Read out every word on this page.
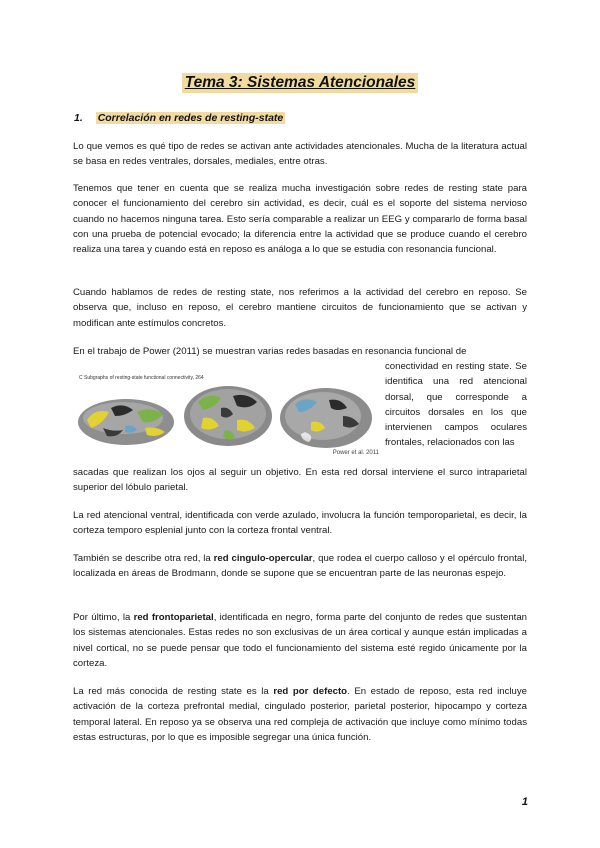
Tema 3: Sistemas Atencionales
1. Correlación en redes de resting-state

Lo que vemos es qué tipo de redes se activan ante actividades atencionales. Mucha de la literatura actual se basa en redes ventrales, dorsales, mediales, entre otras.

Tenemos que tener en cuenta que se realiza mucha investigación sobre redes de resting state para conocer el funcionamiento del cerebro sin actividad, es decir, cuál es el soporte del sistema nervioso cuando no hacemos ninguna tarea. Esto sería comparable a realizar un EEG y compararlo de forma basal con una prueba de potencial evocado; la diferencia entre la actividad que se produce cuando el cerebro realiza una tarea y cuando está en reposo es análoga a lo que se estudia con resonancia funcional.

Cuando hablamos de redes de resting state, nos referimos a la actividad del cerebro en reposo. Se observa que, incluso en reposo, el cerebro mantiene circuitos de funcionamiento que se activan y modifican ante estímulos concretos.

En el trabajo de Power (2011) se muestran varias redes basadas en resonancia funcional de

C Subgraphs of resting-state functional connectivity, 264
Power et al. 2011

conectividad en resting state. Se identifica una red atencional dorsal, que corresponde a circuitos dorsales en los que intervienen campos oculares frontales, relacionados con las

sacadas que realizan los ojos al seguir un objetivo. En esta red dorsal interviene el surco intraparietal superior del lóbulo parietal.

La red atencional ventral, identificada con verde azulado, involucra la función temporoparietal, es decir, la corteza temporo esplenial junto con la corteza frontal ventral.

También se describe otra red, la red cingulo-opercular, que rodea el cuerpo calloso y el opérculo frontal, localizada en áreas de Brodmann, donde se supone que se encuentran parte de las neuronas espejo.

Por último, la red frontoparietal, identificada en negro, forma parte del conjunto de redes que sustentan los sistemas atencionales. Estas redes no son exclusivas de un área cortical y aunque están implicadas a nivel cortical, no se puede pensar que todo el funcionamiento del sistema esté regido únicamente por la corteza.

La red más conocida de resting state es la red por defecto. En estado de reposo, esta red incluye activación de la corteza prefrontal medial, cingulado posterior, parietal posterior, hipocampo y corteza temporal lateral. En reposo ya se observa una red compleja de activación que incluye como mínimo todas estas estructuras, por lo que es imposible segregar una única función.

1
